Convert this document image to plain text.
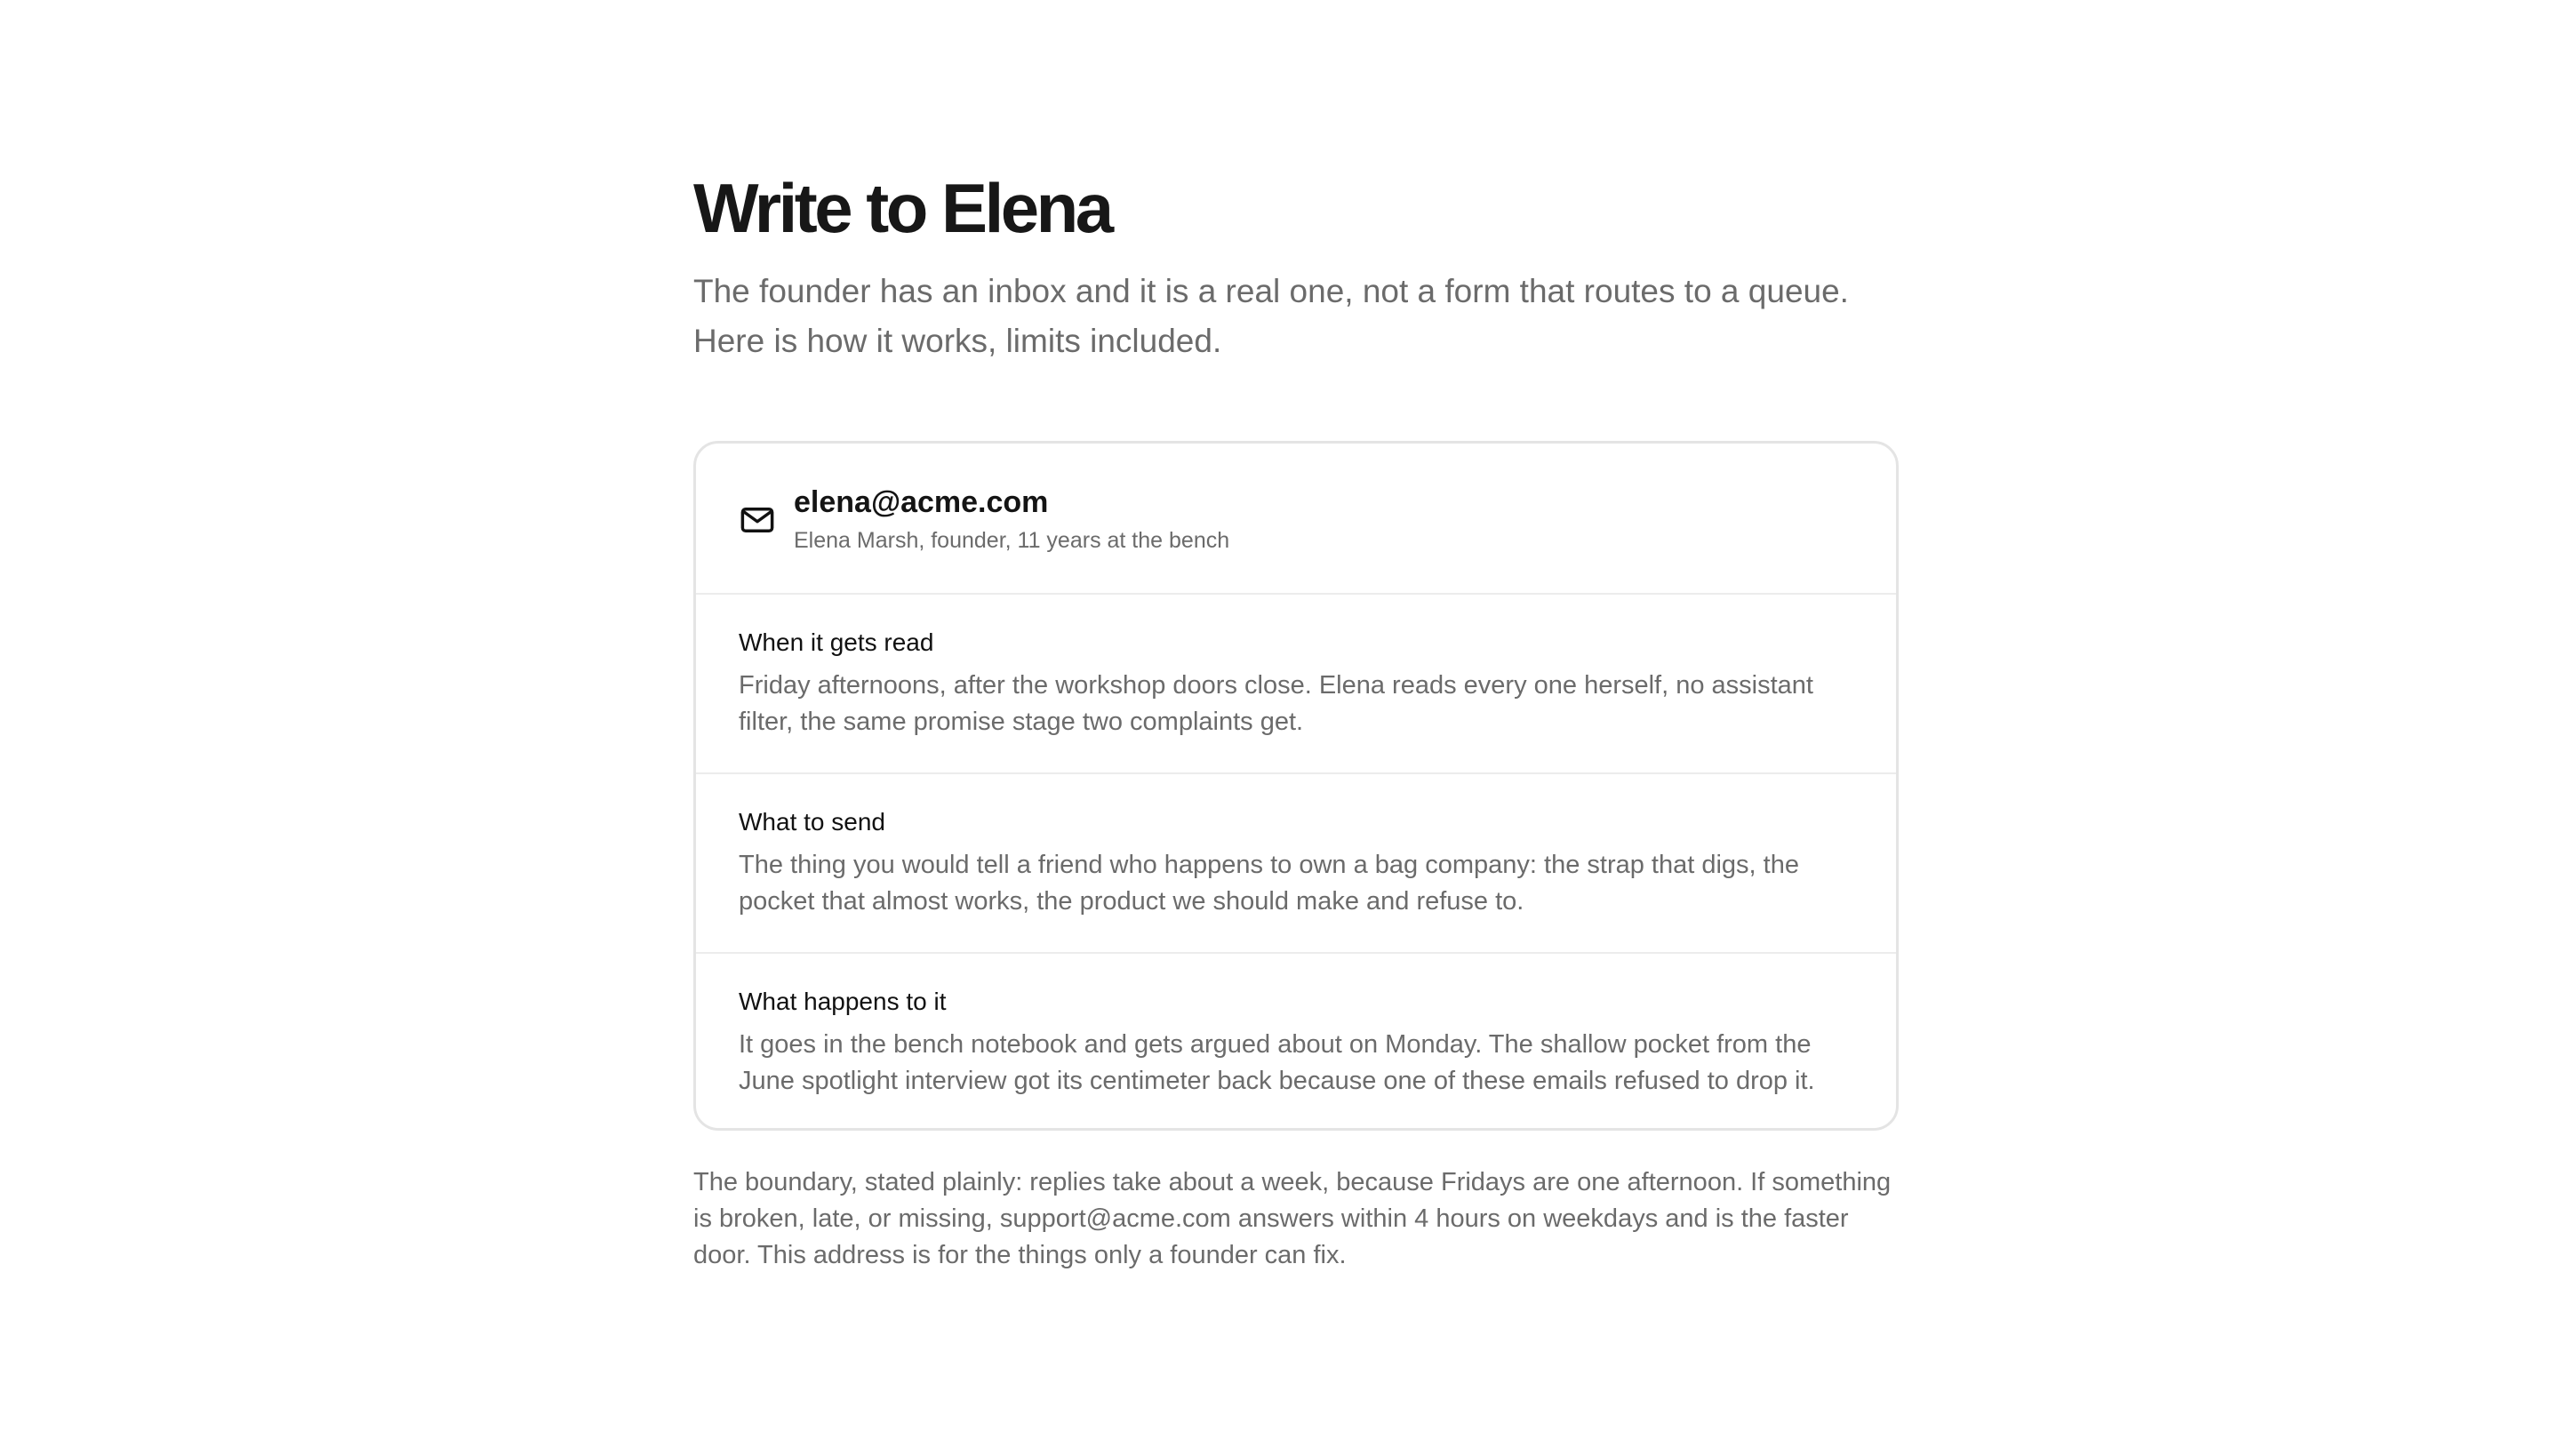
Write to Elena

The founder has an inbox and it is a real one, not a form that routes to a queue. Here is how it works, limits included.

elena@acme.com
Elena Marsh, founder, 11 years at the bench
When it gets read

Friday afternoons, after the workshop doors close. Elena reads every one herself, no assistant filter, the same promise stage two complaints get.

What to send

The thing you would tell a friend who happens to own a bag company: the strap that digs, the pocket that almost works, the product we should make and refuse to.

What happens to it

It goes in the bench notebook and gets argued about on Monday. The shallow pocket from the June spotlight interview got its centimeter back because one of these emails refused to drop it.

The boundary, stated plainly: replies take about a week, because Fridays are one afternoon. If something is broken, late, or missing, support@acme.com answers within 4 hours on weekdays and is the faster door. This address is for the things only a founder can fix.
